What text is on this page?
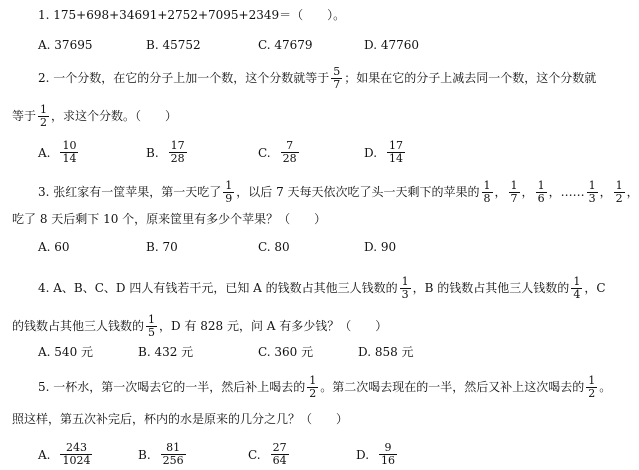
1. 175+698+34691+2752+7095+2349＝（　　）。
A. 37695	B. 45752	C. 47679	D. 47760
2. 一个分数，在它的分子上加一个数，这个分数就等于 $\frac{5}{7}$ ；如果在它的分子上减去同一个数，这个分数就
等于 $\frac{1}{2}$ ，求这个分数。（　　）
A. $\frac{10}{14}$	B. $\frac{17}{28}$	C. $\frac{7}{28}$	D. $\frac{17}{14}$
3. 张红家有一筐苹果，第一天吃了 $\frac{1}{9}$ ，以后 7 天每天依次吃了头一天剩下的苹果的 $\frac{1}{8}$ ， $\frac{1}{7}$ ， $\frac{1}{6}$ ，…… $\frac{1}{3}$ ， $\frac{1}{2}$ ，
吃了 8 天后剩下 10 个，原来筐里有多少个苹果？（　　）
A. 60	B. 70	C. 80	D. 90
4. A、B、C、D 四人有钱若干元，已知 A 的钱数占其他三人钱数的 $\frac{1}{3}$ ，B 的钱数占其他三人钱数的 $\frac{1}{4}$ ，C
的钱数占其他三人钱数的 $\frac{1}{5}$ ，D 有 828 元，问 A 有多少钱？（　　）
A. 540 元	B. 432 元	C. 360 元	D. 858 元
5. 一杯水，第一次喝去它的一半，然后补上喝去的 $\frac{1}{2}$ 。第二次喝去现在的一半，然后又补上这次喝去的 $\frac{1}{2}$ 。
照这样，第五次补完后，杯内的水是原来的几分之几？（　　）
A. $\frac{243}{1024}$	B. $\frac{81}{256}$	C. $\frac{27}{64}$	D. $\frac{9}{16}$
